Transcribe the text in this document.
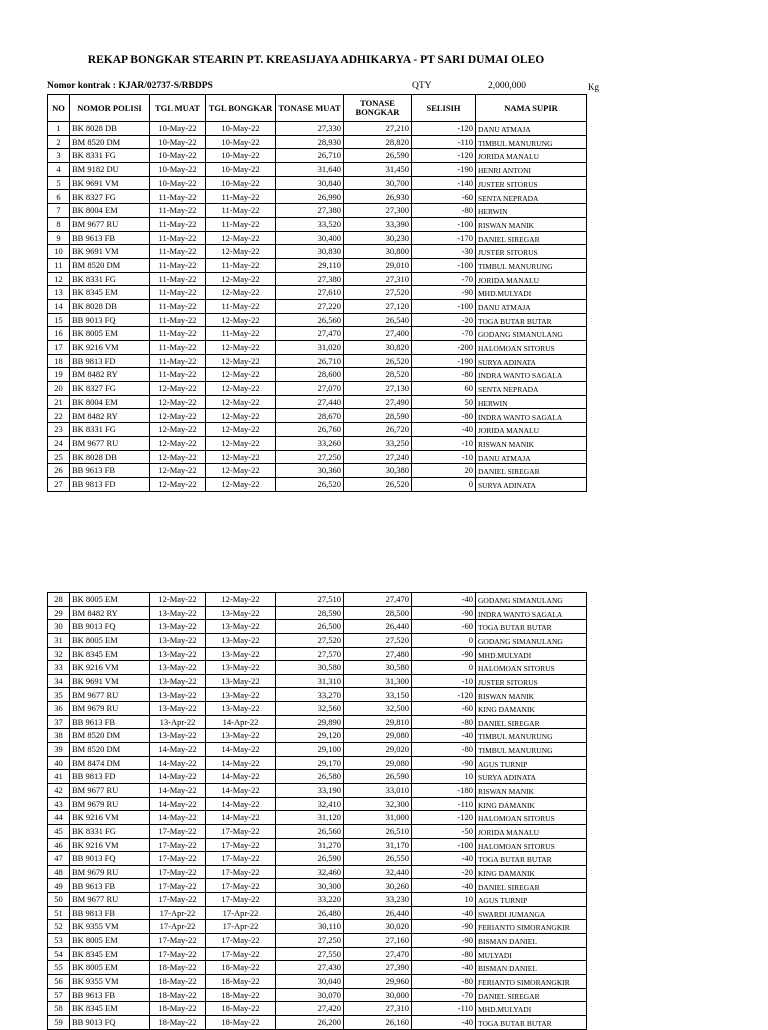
REKAP BONGKAR STEARIN PT. KREASIJAYA ADHIKARYA - PT SARI DUMAI OLEO
Nomor kontrak : KJAR/02737-S/RBDPS	QTY	2,000,000	Kg
NO	NOMOR POLISI	TGL MUAT	TGL BONGKAR	TONASE MUAT	TONASE BONGKAR	SELISIH	NAMA SUPIR
1	BK 8028 DB	10-May-22	10-May-22	27,330	27,210	-120	DANU ATMAJA
2	BM 8520 DM	10-May-22	10-May-22	28,930	28,820	-110	TIMBUL MANURUNG
3	BK 8331 FG	10-May-22	10-May-22	26,710	26,590	-120	JORIDA MANALU
4	BM 9182 DU	10-May-22	10-May-22	31,640	31,450	-190	HENRI ANTONI
5	BK 9691 VM	10-May-22	10-May-22	30,840	30,700	-140	JUSTER SITORUS
6	BK 8327 FG	11-May-22	11-May-22	26,990	26,930	-60	SENTA NEPRADA
7	BK 8004 EM	11-May-22	11-May-22	27,380	27,300	-80	HERWIN
8	BM 9677 RU	11-May-22	11-May-22	33,520	33,390	-100	RISWAN MANIK
9	BB 9613 FB	11-May-22	12-May-22	30,400	30,230	-170	DANIEL SIREGAR
10	BK 9691 VM	11-May-22	12-May-22	30,830	30,800	-30	JUSTER SITORUS
11	BM 8520 DM	11-May-22	11-May-22	29,110	29,010	-100	TIMBUL MANURUNG
12	BK 8331 FG	11-May-22	12-May-22	27,380	27,310	-70	JORIDA MANALU
13	BK 8345 EM	11-May-22	12-May-22	27,610	27,520	-90	MHD.MULYADI
14	BK 8028 DB	11-May-22	11-May-22	27,220	27,120	-100	DANU ATMAJA
15	BB 9013 FQ	11-May-22	12-May-22	26,560	26,540	-20	TOGA BUTAR BUTAR
16	BK 8005 EM	11-May-22	11-May-22	27,470	27,400	-70	GODANG SIMANULANG
17	BK 9216 VM	11-May-22	12-May-22	31,020	30,820	-200	HALOMOAN SITORUS
18	BB 9813 FD	11-May-22	12-May-22	26,710	26,520	-190	SURYA ADINATA
19	BM 8482 RY	11-May-22	12-May-22	28,600	28,520	-80	INDRA WANTO SAGALA
20	BK 8327 FG	12-May-22	12-May-22	27,070	27,130	60	SENTA NEPRADA
21	BK 8004 EM	12-May-22	12-May-22	27,440	27,490	50	HERWIN
22	BM 8482 RY	12-May-22	12-May-22	28,670	28,590	-80	INDRA WANTO SAGALA
23	BK 8331 FG	12-May-22	12-May-22	26,760	26,720	-40	JORIDA MANALU
24	BM 9677 RU	12-May-22	12-May-22	33,260	33,250	-10	RISWAN MANIK
25	BK 8028 DB	12-May-22	12-May-22	27,250	27,240	-10	DANU ATMAJA
26	BB 9613 FB	12-May-22	12-May-22	30,360	30,380	20	DANIEL SIREGAR
27	BB 9813 FD	12-May-22	12-May-22	26,520	26,520	0	SURYA ADINATA
28	BK 8005 EM	12-May-22	12-May-22	27,510	27,470	-40	GODANG SIMANULANG
29	BM 8482 RY	13-May-22	13-May-22	28,590	28,500	-90	INDRA WANTO SAGALA
30	BB 9013 FQ	13-May-22	13-May-22	26,500	26,440	-60	TOGA BUTAR BUTAR
31	BK 8005 EM	13-May-22	13-May-22	27,520	27,520	0	GODANG SIMANULANG
32	BK 8345 EM	13-May-22	13-May-22	27,570	27,480	-90	MHD.MULYADI
33	BK 9216 VM	13-May-22	13-May-22	30,580	30,580	0	HALOMOAN SITORUS
34	BK 9691 VM	13-May-22	13-May-22	31,310	31,300	-10	JUSTER SITORUS
35	BM 9677 RU	13-May-22	13-May-22	33,270	33,150	-120	RISWAN MANIK
36	BM 9679 RU	13-May-22	13-May-22	32,560	32,500	-60	KING DAMANIK
37	BB 9613 FB	13-Apr-22	14-Apr-22	29,890	29,810	-80	DANIEL SIREGAR
38	BM 8520 DM	13-May-22	13-May-22	29,120	29,080	-40	TIMBUL MANURUNG
39	BM 8520 DM	14-May-22	14-May-22	29,100	29,020	-80	TIMBUL MANURUNG
40	BM 8474 DM	14-May-22	14-May-22	29,170	29,080	-90	AGUS TURNIP
41	BB 9813 FD	14-May-22	14-May-22	26,580	26,590	10	SURYA ADINATA
42	BM 9677 RU	14-May-22	14-May-22	33,190	33,010	-180	RISWAN MANIK
43	BM 9679 RU	14-May-22	14-May-22	32,410	32,300	-110	KING DAMANIK
44	BK 9216 VM	14-May-22	14-May-22	31,120	31,000	-120	HALOMOAN SITORUS
45	BK 8331 FG	17-May-22	17-May-22	26,560	26,510	-50	JORIDA MANALU
46	BK 9216 VM	17-May-22	17-May-22	31,270	31,170	-100	HALOMOAN SITORUS
47	BB 9013 FQ	17-May-22	17-May-22	26,590	26,550	-40	TOGA BUTAR BUTAR
48	BM 9679 RU	17-May-22	17-May-22	32,460	32,440	-20	KING DAMANIK
49	BB 9613 FB	17-May-22	17-May-22	30,300	30,260	-40	DANIEL SIREGAR
50	BM 9677 RU	17-May-22	17-May-22	33,220	33,230	10	AGUS TURNIP
51	BB 9813 FB	17-Apr-22	17-Apr-22	26,480	26,440	-40	SWARDI JUMANGA
52	BK 9355 VM	17-Apr-22	17-Apr-22	30,110	30,020	-90	FERIANTO SIMORANGKIR
53	BK 8005 EM	17-May-22	17-May-22	27,250	27,160	-90	BISMAN DANIEL
54	BK 8345 EM	17-May-22	17-May-22	27,550	27,470	-80	MULYADI
55	BK 8005 EM	18-May-22	18-May-22	27,430	27,390	-40	BISMAN DANIEL
56	BK 9355 VM	18-May-22	18-May-22	30,040	29,960	-80	FERIANTO SIMORANGKIR
57	BB 9613 FB	18-May-22	18-May-22	30,070	30,000	-70	DANIEL SIREGAR
58	BK 8345 EM	18-May-22	18-May-22	27,420	27,310	-110	MHD.MULYADI
59	BB 9013 FQ	18-May-22	18-May-22	26,200	26,160	-40	TOGA BUTAR BUTAR
